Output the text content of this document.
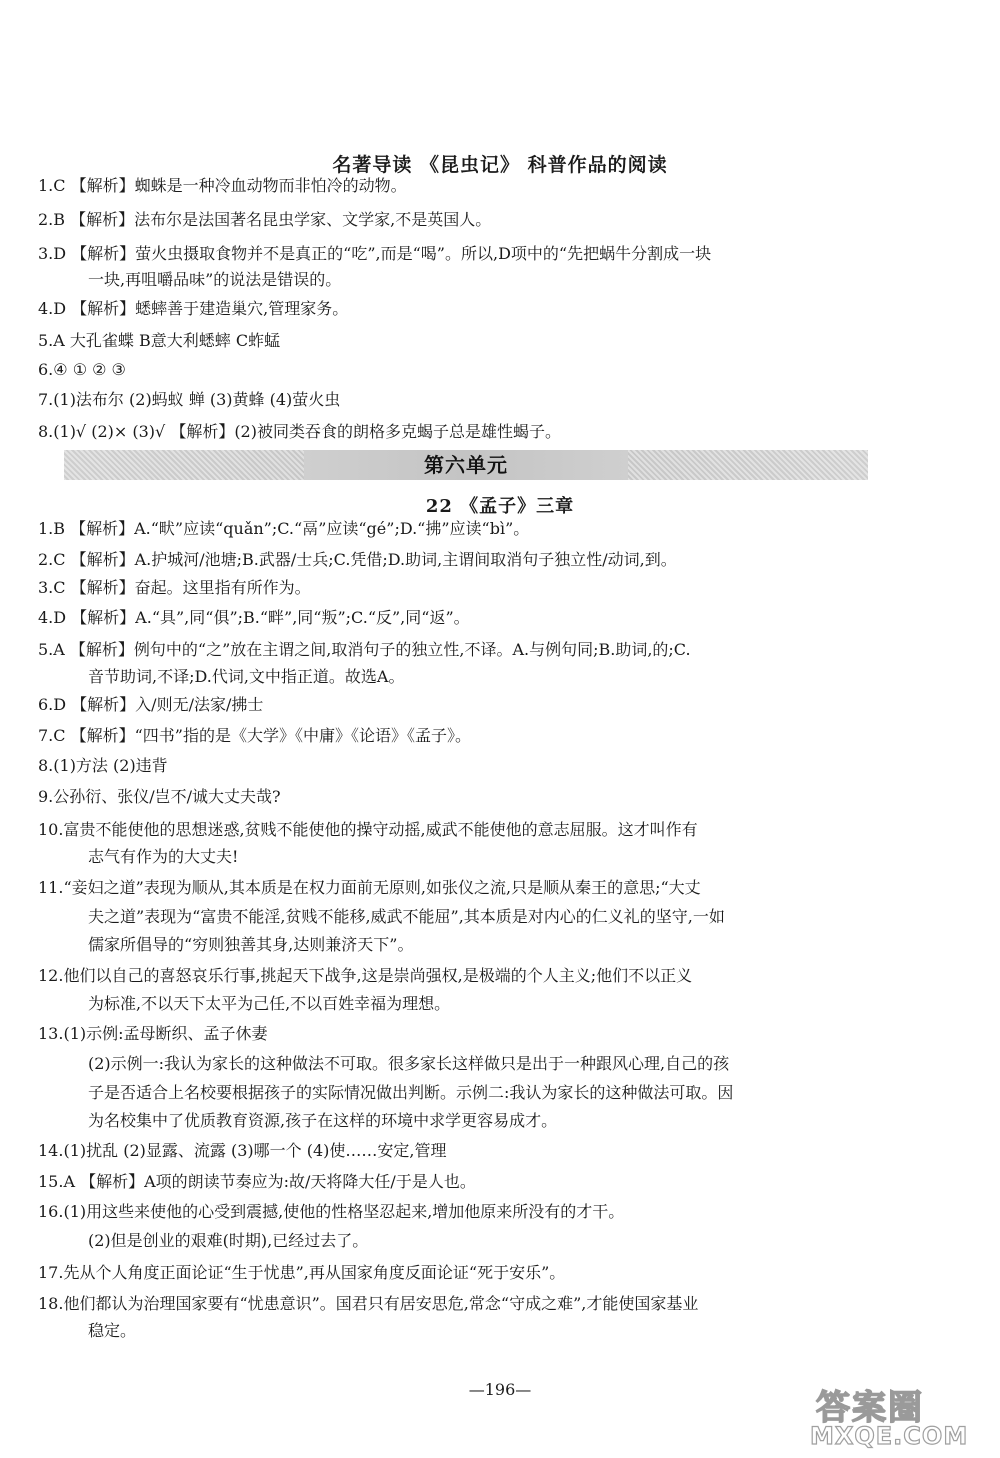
名著导读 《昆虫记》 科普作品的阅读
第六单元
22 《孟子》三章
1.C 【解析】蜘蛛是一种冷血动物而非怕冷的动物。
2.B 【解析】法布尔是法国著名昆虫学家、文学家,不是英国人。
3.D 【解析】萤火虫摄取食物并不是真正的“吃”,而是“喝”。所以,D项中的“先把蜗牛分割成一块
一块,再咀嚼品味”的说法是错误的。
4.D 【解析】蟋蟀善于建造巢穴,管理家务。
5.A 大孔雀蝶 B意大利蟋蟀 C蚱蜢
6.④ ① ② ③
7.(1)法布尔 (2)蚂蚁 蝉 (3)黄蜂 (4)萤火虫
8.(1)√ (2)× (3)√ 【解析】(2)被同类吞食的朗格多克蝎子总是雄性蝎子。
1.B 【解析】A.“畎”应读“quǎn”;C.“鬲”应读“gé”;D.“拂”应读“bì”。
2.C 【解析】A.护城河/池塘;B.武器/士兵;C.凭借;D.助词,主谓间取消句子独立性/动词,到。
3.C 【解析】奋起。这里指有所作为。
4.D 【解析】A.“具”,同“俱”;B.“畔”,同“叛”;C.“反”,同“返”。
5.A 【解析】例句中的“之”放在主谓之间,取消句子的独立性,不译。A.与例句同;B.助词,的;C.
音节助词,不译;D.代词,文中指正道。故选A。
6.D 【解析】入/则无/法家/拂士
7.C 【解析】“四书”指的是《大学》《中庸》《论语》《孟子》。
8.(1)方法 (2)违背
9.公孙衍、张仪/岂不/诚大丈夫哉?
10.富贵不能使他的思想迷惑,贫贱不能使他的操守动摇,威武不能使他的意志屈服。这才叫作有
志气有作为的大丈夫!
11.“妾妇之道”表现为顺从,其本质是在权力面前无原则,如张仪之流,只是顺从秦王的意思;“大丈
夫之道”表现为“富贵不能淫,贫贱不能移,威武不能屈”,其本质是对内心的仁义礼的坚守,一如
儒家所倡导的“穷则独善其身,达则兼济天下”。
12.他们以自己的喜怒哀乐行事,挑起天下战争,这是崇尚强权,是极端的个人主义;他们不以正义
为标准,不以天下太平为己任,不以百姓幸福为理想。
13.(1)示例:孟母断织、孟子休妻
(2)示例一:我认为家长的这种做法不可取。很多家长这样做只是出于一种跟风心理,自己的孩
子是否适合上名校要根据孩子的实际情况做出判断。示例二:我认为家长的这种做法可取。因
为名校集中了优质教育资源,孩子在这样的环境中求学更容易成才。
14.(1)扰乱 (2)显露、流露 (3)哪一个 (4)使……安定,管理
15.A 【解析】A项的朗读节奏应为:故/天将降大任/于是人也。
16.(1)用这些来使他的心受到震撼,使他的性格坚忍起来,增加他原来所没有的才干。
(2)但是创业的艰难(时期),已经过去了。
17.先从个人角度正面论证“生于忧患”,再从国家角度反面论证“死于安乐”。
18.他们都认为治理国家要有“忧患意识”。国君只有居安思危,常念“守成之难”,才能使国家基业
稳定。
—196—	答案圈
MXQE.COM
